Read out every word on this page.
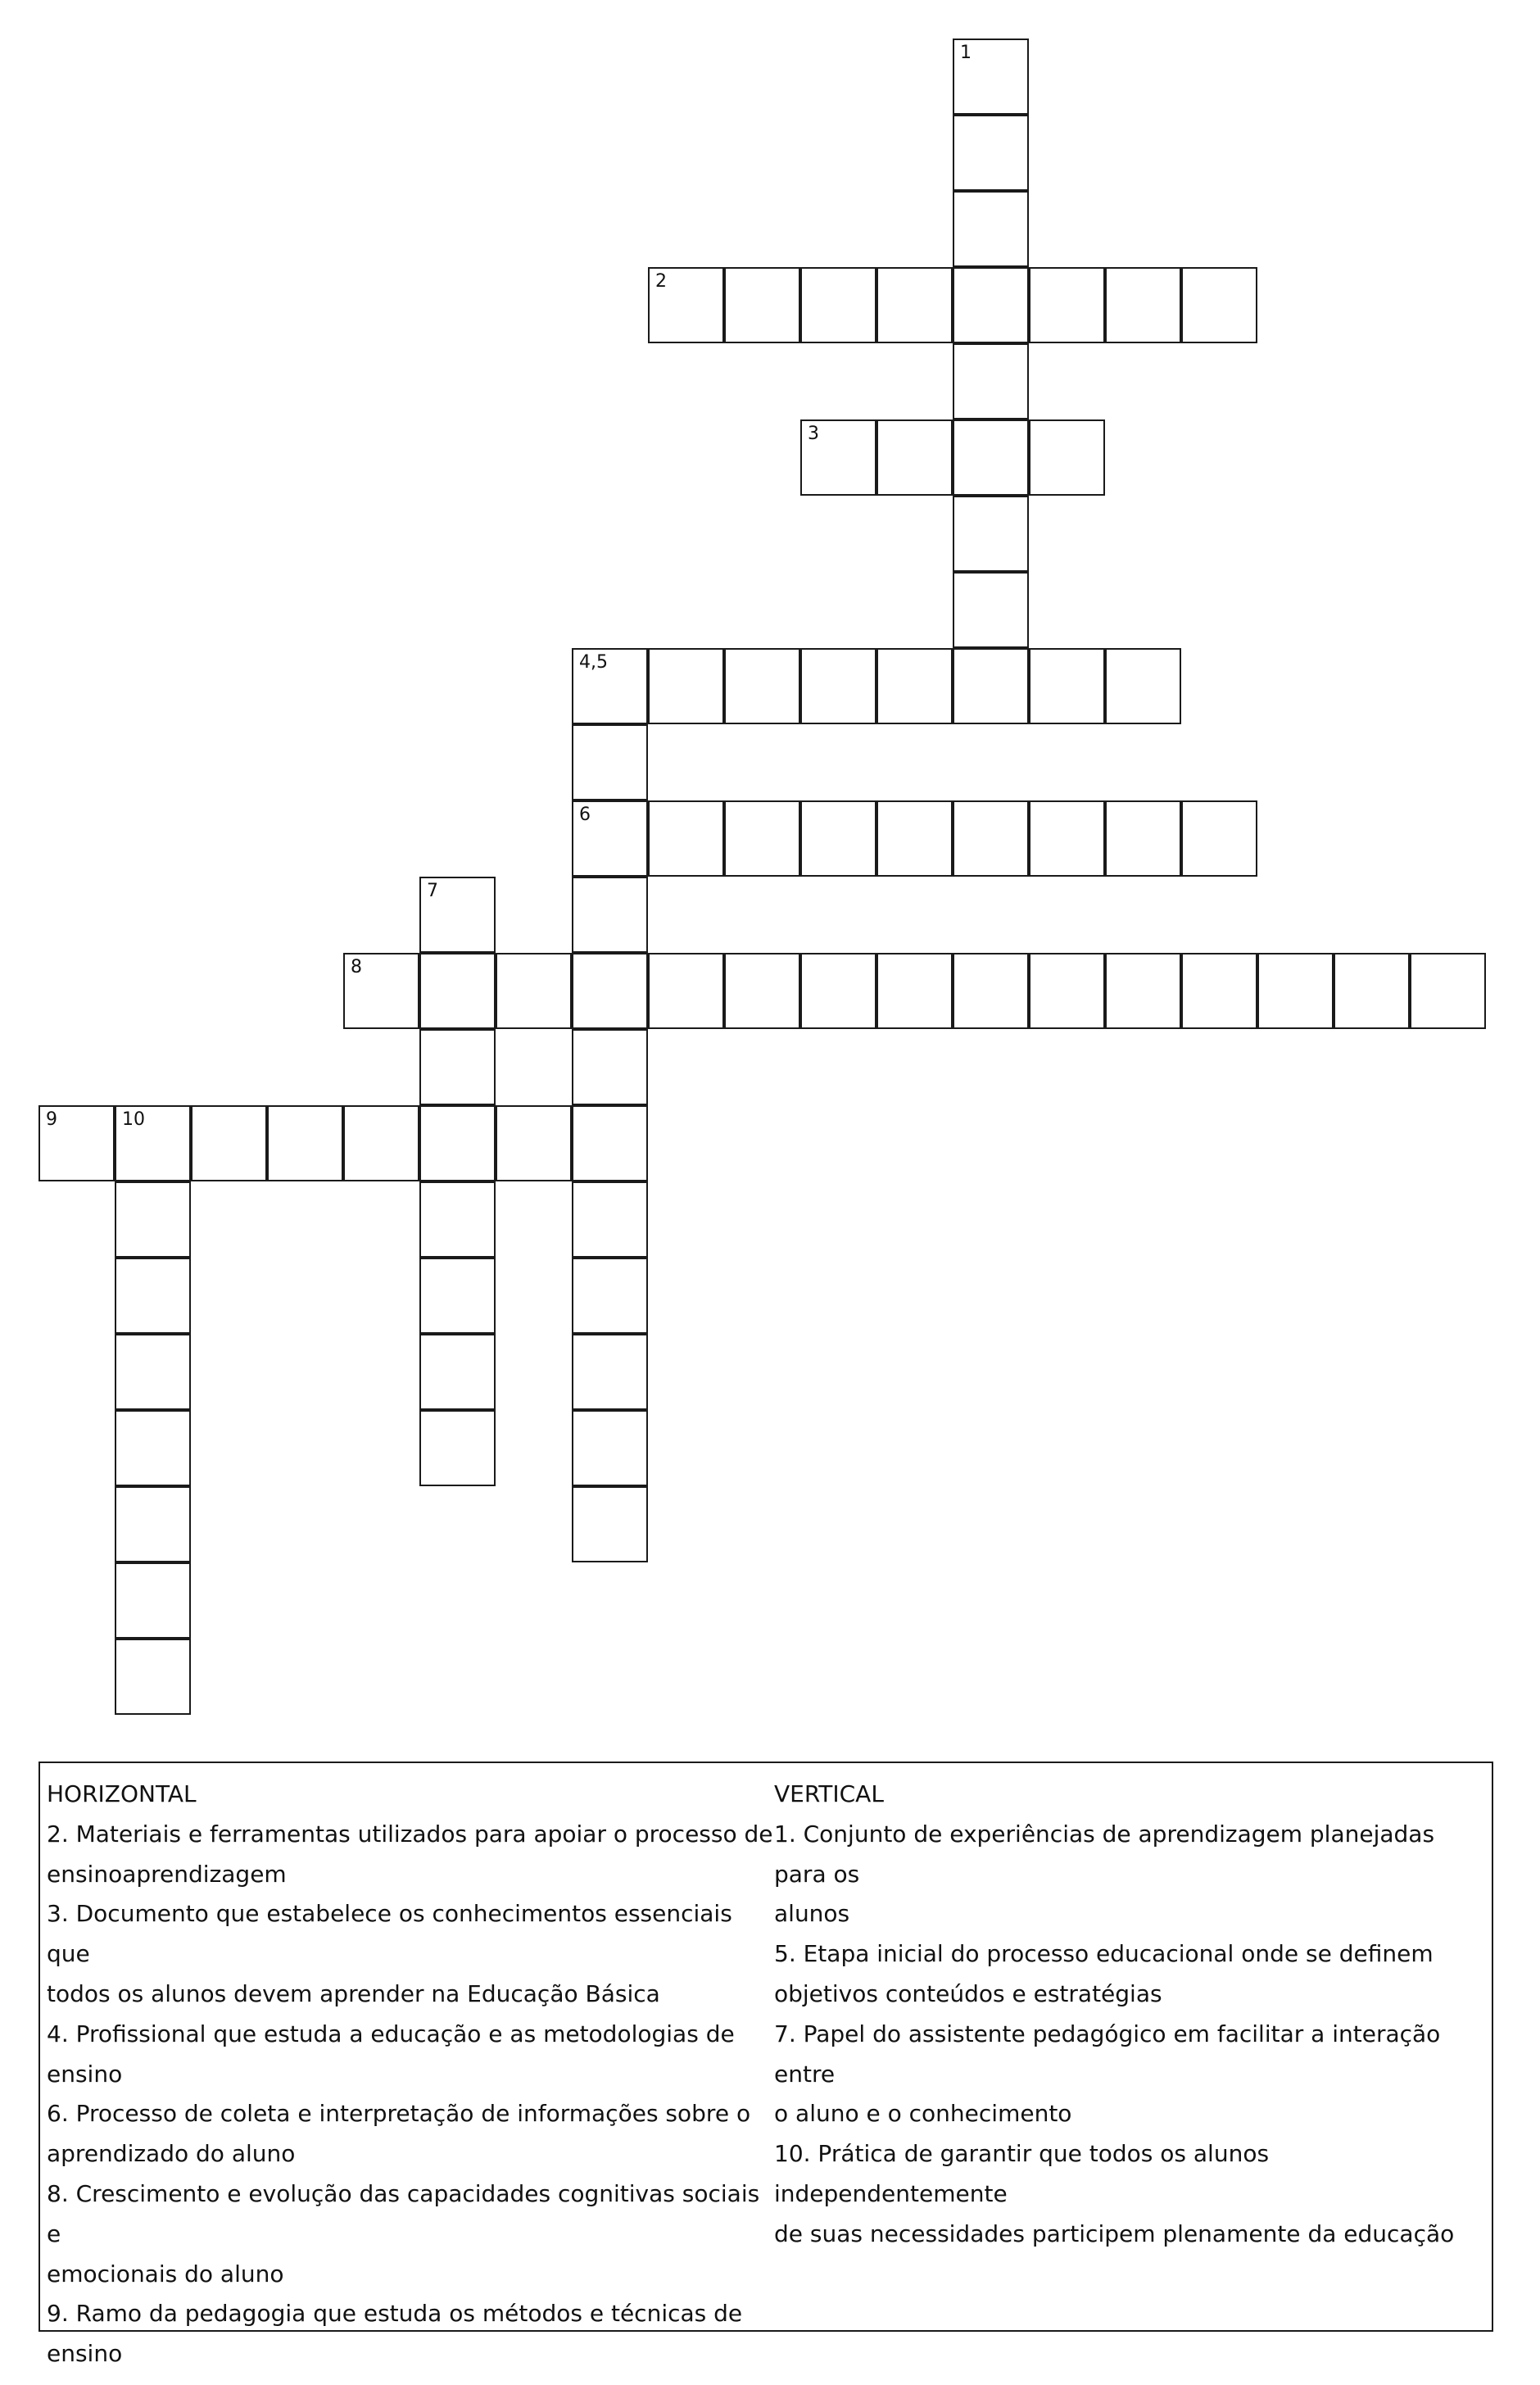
1
2
3
4,5
6
7
8
9	10
HORIZONTAL
2. Materiais e ferramentas utilizados para apoiar o processo de
ensinoaprendizagem
3. Documento que estabelece os conhecimentos essenciais que
todos os alunos devem aprender na Educação Básica
4. Profissional que estuda a educação e as metodologias de
ensino
6. Processo de coleta e interpretação de informações sobre o
aprendizado do aluno
8. Crescimento e evolução das capacidades cognitivas sociais e
emocionais do aluno
9. Ramo da pedagogia que estuda os métodos e técnicas de
ensino
VERTICAL
1. Conjunto de experiências de aprendizagem planejadas para os
alunos
5. Etapa inicial do processo educacional onde se definem
objetivos conteúdos e estratégias
7. Papel do assistente pedagógico em facilitar a interação entre
o aluno e o conhecimento
10. Prática de garantir que todos os alunos independentemente
de suas necessidades participem plenamente da educação
